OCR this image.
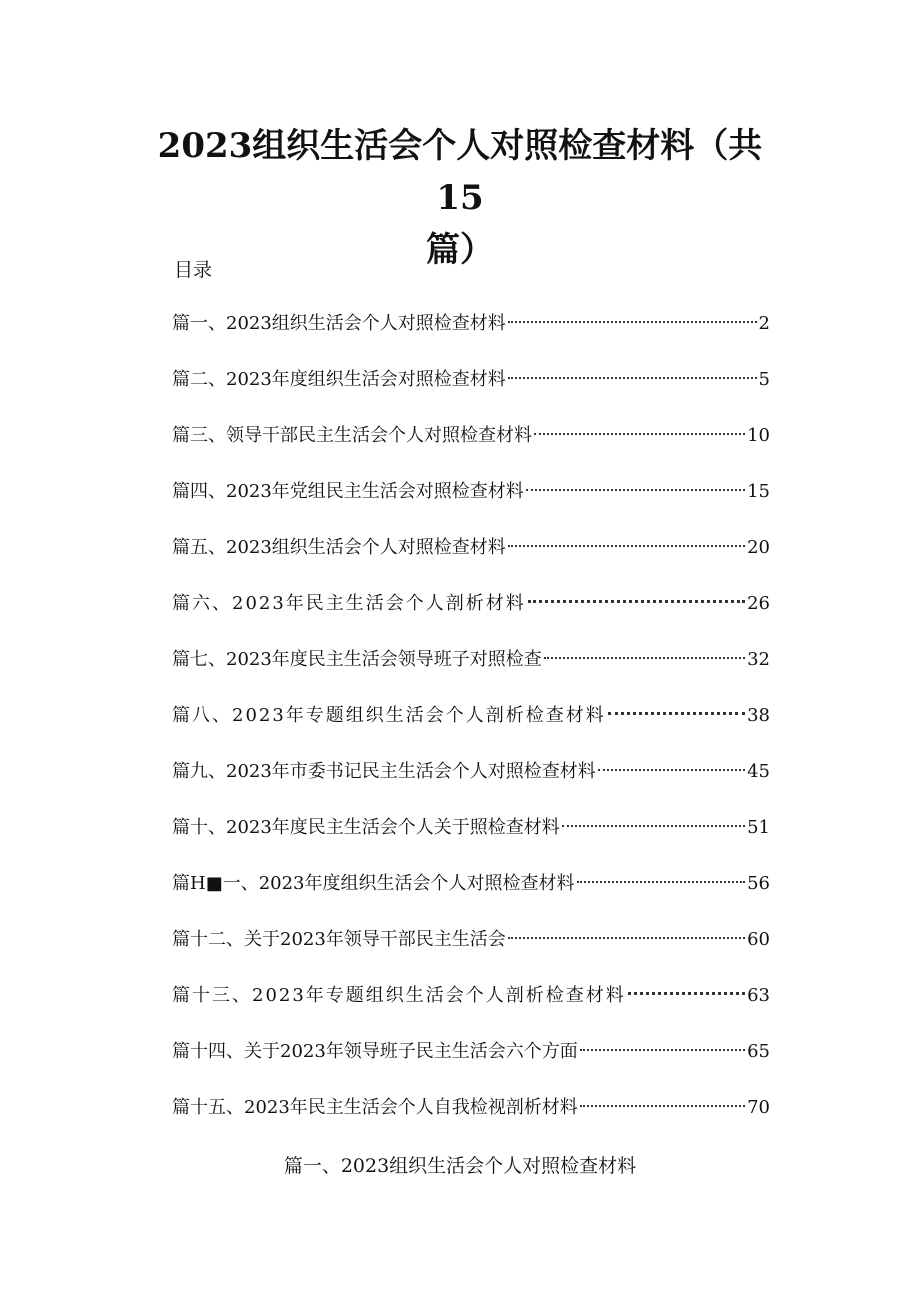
2023组织生活会个人对照检查材料（共15
篇）
目录
篇一、2023组织生活会个人对照检查材料	2
篇二、2023年度组织生活会对照检查材料	5
篇三、领导干部民主生活会个人对照检查材料	10
篇四、2023年党组民主生活会对照检查材料	15
篇五、2023组织生活会个人对照检查材料	20
篇六、2023年民主生活会个人剖析材料	26
篇七、2023年度民主生活会领导班子对照检查	32
篇八、2023年专题组织生活会个人剖析检查材料	38
篇九、2023年市委书记民主生活会个人对照检查材料	45
篇十、2023年度民主生活会个人关于照检查材料	51
篇H■一、2023年度组织生活会个人对照检查材料	56
篇十二、关于2023年领导干部民主生活会	60
篇十三、2023年专题组织生活会个人剖析检查材料	63
篇十四、关于2023年领导班子民主生活会六个方面	65
篇十五、2023年民主生活会个人自我检视剖析材料	70
篇一、2023组织生活会个人对照检查材料
